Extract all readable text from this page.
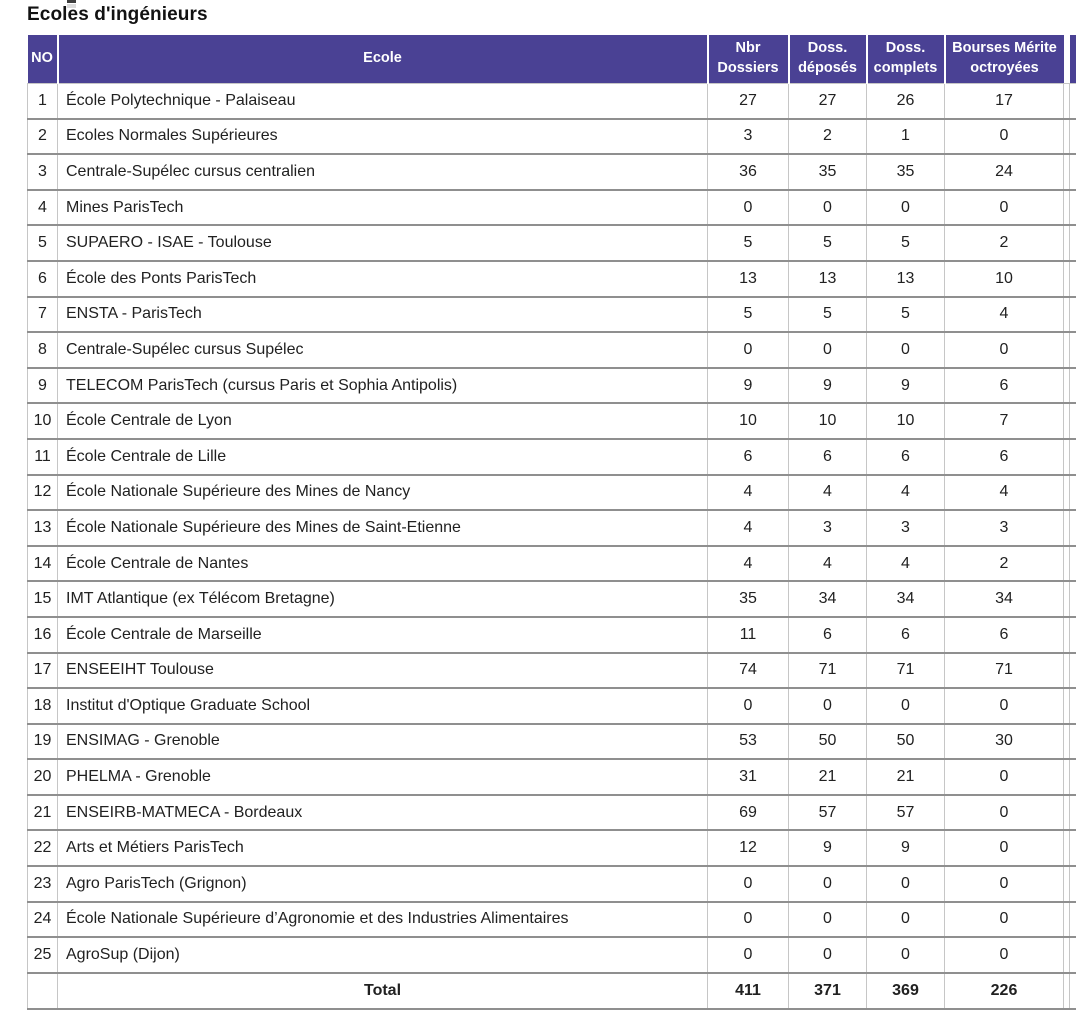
Ecoles d'ingénieurs
NO	Ecole	Nbr Dossiers	Doss. déposés	Doss. complets	Bourses Mérite octroyées		
1	École Polytechnique - Palaiseau	27	27	26	17		
2	Ecoles Normales Supérieures	3	2	1	0		
3	Centrale-Supélec cursus centralien	36	35	35	24		
4	Mines ParisTech	0	0	0	0		
5	SUPAERO - ISAE - Toulouse	5	5	5	2		
6	École des Ponts ParisTech	13	13	13	10		
7	ENSTA - ParisTech	5	5	5	4		
8	Centrale-Supélec cursus Supélec	0	0	0	0		
9	TELECOM ParisTech (cursus Paris et Sophia Antipolis)	9	9	9	6		
10	École Centrale de Lyon	10	10	10	7		
11	École Centrale de Lille	6	6	6	6		
12	École Nationale Supérieure des Mines de Nancy	4	4	4	4		
13	École Nationale Supérieure des Mines de Saint-Etienne	4	3	3	3		
14	École Centrale de Nantes	4	4	4	2		
15	IMT Atlantique (ex Télécom Bretagne)	35	34	34	34		
16	École Centrale de Marseille	11	6	6	6		
17	ENSEEIHT Toulouse	74	71	71	71		
18	Institut d'Optique Graduate School	0	0	0	0		
19	ENSIMAG - Grenoble	53	50	50	30		
20	PHELMA - Grenoble	31	21	21	0		
21	ENSEIRB-MATMECA - Bordeaux	69	57	57	0		
22	Arts et Métiers ParisTech	12	9	9	0		
23	Agro ParisTech (Grignon)	0	0	0	0		
24	École Nationale Supérieure d’Agronomie et des Industries Alimentaires	0	0	0	0		
25	AgroSup (Dijon)	0	0	0	0		
	Total	411	371	369	226		
